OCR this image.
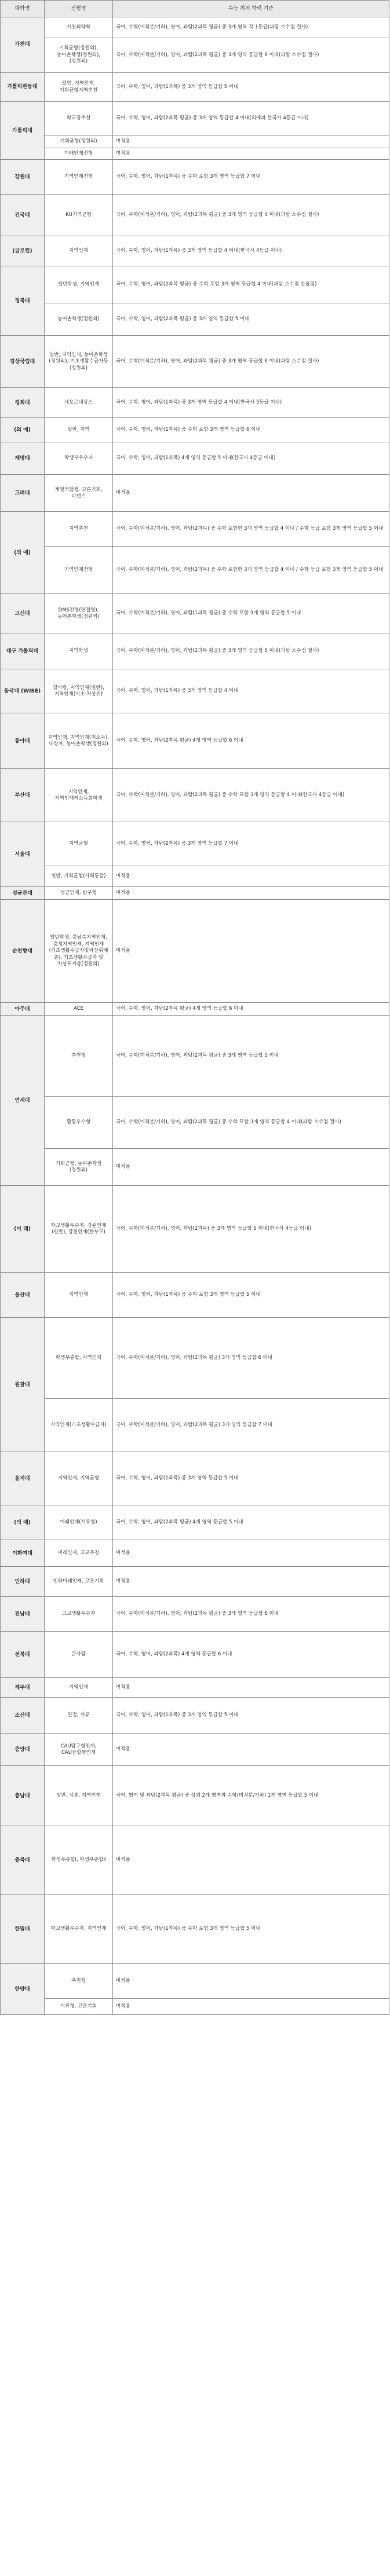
대학명	전형명	수능 최저 학력 기준
가천대	가천의약학	국어, 수학(미적분/기하), 영어, 과탐(2과목 평균) 중 3개 영역 각 1등급(과탐 소수점 절사)
	기회균형(정원외), 농어촌학생(정원외), (정원외)	국어, 수학(미적분/기하), 영어, 과탐(2과목 평균) 중 3개 영역 등급합 6 이내(과탐 소수점 절사)
가톨릭관동대	일반, 지역인재, 기회균형지역추천	국어, 수학, 영어, 과탐(1과목) 중 3개 영역 등급합 5 이내
가톨릭대	학교장추천	국어, 수학, 영어, 과탐(2과목 평균) 중 3개 영역 등급합 4 이내(의예과 한국사 4등급 이내)
	기회균형(정원외)	미적용
	미래인재전형	미적용
강원대	지역인재전형	국어, 수학, 영어, 과탐(1과목) 중 수학 포함 3개 영역 등급합 7 이내
건국대	KU지역균형	국어, 수학(미적분/기하), 영어, 과탐(2과목 평균) 중 3개 영역 등급합 4 이내(과탐 소수점 절사)
(글로컬)	지역인재	국어, 수학, 영어, 과탐(1과목) 중 3개 영역 등급합 4 이내(한국사 4등급 이내)
경북대	일반학생, 지역인재	국어, 수학, 영어, 과탐(2과목 평균) 중 수학 포함 3개 영역 등급합 4 이내(과탐 소수점 반올림)
	농어촌학생(정원외)	국어, 수학, 영어, 과탐(2과목 평균) 중 3개 영역 등급합 5 이내
경상국립대	일반, 지역인재, 농어촌학생(정원외), 기초생활수급자등(정원외)	국어, 수학(미적분/기하), 영어, 과탐(2과목 평균) 중 3개 영역 등급합 6 이내(과탐 소수점 절사)
경희대	네오르네상스	국어, 수학, 영어, 과탐(1과목) 중 3개 영역 등급합 4 이내(한국사 5등급 이내)
(의 예)	일반, 지역	국어, 수학, 영어, 과탐(1과목) 중 수학 포함 3개 영역 등급합 6 이내
계명대	학생부우수자	국어, 수학, 영어, 과탐(1과목) 4개 영역 등급합 5 이내(한국사 4등급 이내)
고려대	계열적합형, 고른기회, 디펜스	미적용
(의 예)	지역추천	국어, 수학(미적분/기하), 영어, 과탐(2과목) 중 수학 포함한 3개 영역 등급합 4 이내 / 수학 등급 포함 3개 영역 등급합 5 이내
	지역인재전형	국어, 수학(미적분/기하), 영어, 과탐(2과목) 중 수학 포함한 3개 영역 등급합 4 이내 / 수학 등급 포함 3개 영역 등급합 5 이내
고신대	DMS전형(면접형), 농어촌학생(정원외)	국어, 수학(미적분/기하), 영어, 과탐(1과목 평균) 중 수학 포함 3개 영역 등급합 5 이내
대구 가톨릭대	지역학생	국어, 수학(미적분/기하), 영어, 과탐(2과목 평균) 중 3개 영역 등급합 5 이내(과탐 소수점 절사)
동국대 (WISE)	참사랑, 지역인재(일반), 지역인재(기초·차상위)	국어, 수학, 영어, 과탐(1과목) 중 3개 영역 등급합 4 이내
동아대	지역인재, 지역인재(저소득), 대상자, 농어촌학생(정원외)	국어, 수학, 영어, 과탐(2과목 평균) 4개 영역 등급합 6 이내
부산대	지역인재, 지역인재저소득층학생	국어, 수학(미적분/기하), 영어, 과탐(2과목 평균) 중 수학 포함 3개 영역 등급합 4 이내(한국사 4등급 이내)
서울대	지역균형	국어, 수학, 영어, 과탐(2과목) 중 3개 영역 등급합 7 이내
	일반, 기회균형(사회통합)	미적용
성균관대	성균인재, 탐구형	미적용
순천향대	일반학생, 충남북지역인재, 충청지역인재, 지역인재(기초생활수급자및차상위계층), 기초생활수급자 및 차상위계층(정원외)	미적용
아주대	ACE	국어, 수학, 영어, 과탐(2과목 평균) 4개 영역 등급합 6 이내
연세대	추천형	국어, 수학(미적분/기하), 영어, 과탐(2과목 평균) 중 3개 영역 등급합 5 이내
	활동우수형	국어, 수학(미적분/기하), 영어, 과탐(2과목 평균) 중 수학 포함 3개 영역 등급합 4 이내(과탐 소수점 절사)
	기회균형, 농어촌학생(정원외)	미적용
(미 래)	학교생활우수자, 강원인재(일반), 강원인재(한부모)	국어, 수학(미적분/기하), 영어, 과탐(2과목) 중 3개 영역 등급합 5 이내(한국사 4등급 이내)
울산대	지역인재	국어, 수학, 영어, 과탐(1과목) 중 수학 포함 3개 영역 등급합 5 이내
원광대	학생부종합, 지역인재	국어, 수학(미적분/기하), 영어, 과탐(2과목 평균) 3개 영역 등급합 6 이내
	지역인재(기초생활수급자)	국어, 수학(미적분/기하), 영어, 과탐(2과목 평균) 3개 영역 등급합 7 이내
을지대	지역인재, 지역균형	국어, 수학, 영어, 과탐(1과목) 중 3개 영역 등급합 5 이내
(의 예)	미래인재(서류형)	국어, 수학, 영어, 과탐(2과목 평균) 4개 영역 등급합 5 이내
이화여대	미래인재, 고교추천	미적용
인하대	인하미래인재, 고른기회	미적용
전남대	고교생활우수자	국어, 수학(미적분/기하), 영어, 과탐(2과목 평균) 중 3개 영역 등급합 6 이내
전북대	큰사람	국어, 수학, 영어, 과탐(2과목) 4개 영역 등급합 6 이내
제주대	지역인재	미적용
조선대	면접, 서류	국어, 수학, 영어, 과탐(1과목) 중 3개 영역 등급합 5 이내
중앙대	CAU탐구형인재, CAU융합형인재	미적용
충남대	일반, 서류, 지역인재	국어, 영어 및 과탐(2과목 평균) 중 상위 2개 영역과 수학(미적분/기하) 1개 영역 등급합 5 이내
충북대	학생부종합Ⅰ, 학생부종합Ⅱ	미적용
한림대	학교생활우수자, 지역인재	국어, 수학, 영어, 과탐(1과목) 중 수학 포함 3개 영역 등급합 5 이내
한양대	추천형	미적용
	서류형, 고른기회	미적용
